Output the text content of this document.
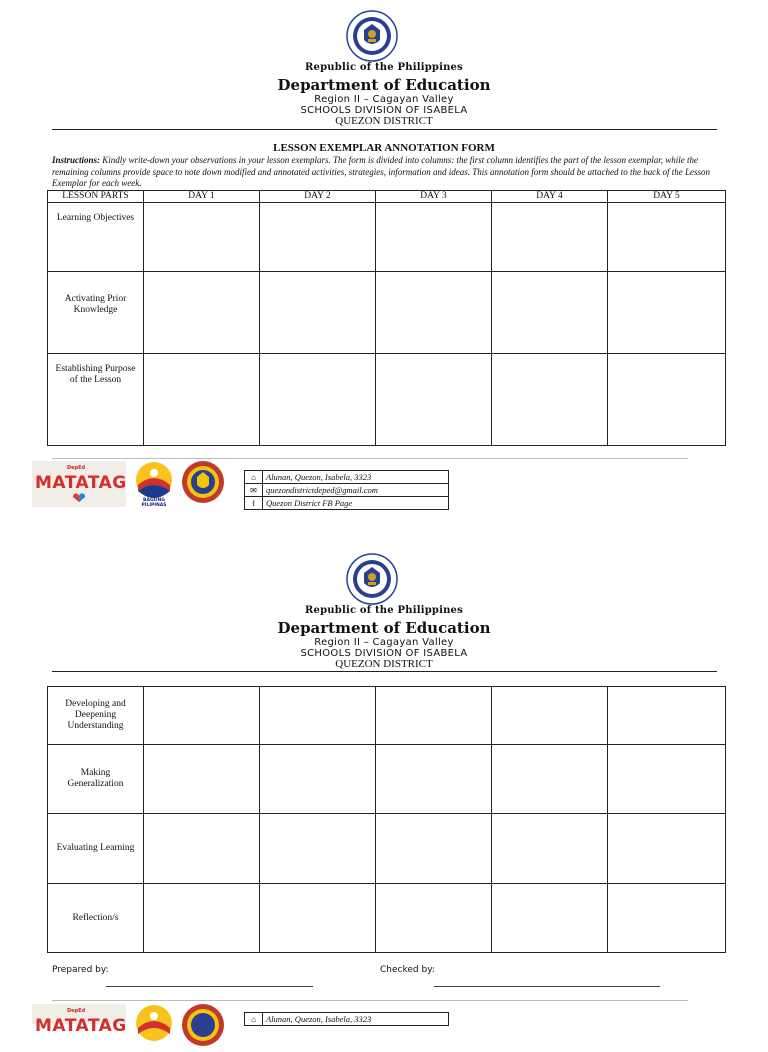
Republic of the Philippines
Department of Education
Region II – Cagayan Valley
SCHOOLS DIVISION OF ISABELA
QUEZON DISTRICT
LESSON EXEMPLAR ANNOTATION FORM
Instructions: Kindly write-down your observations in your lesson exemplars. The form is divided into columns: the first column identifies the part of the lesson exemplar, while the remaining columns provide space to note down modified and annotated activities, strategies, information and ideas. This annotation form should be attached to the back of the Lesson Exemplar for each week.
LESSON PARTS	DAY 1	DAY 2	DAY 3	DAY 4	DAY 5
Learning Objectives					
Activating Prior Knowledge					
Establishing Purpose of the Lesson					
DepEd
MATATAG
BAGONG PILIPINAS
⌂	Alunan, Quezon, Isabela, 3323
✉	quezondistrictdeped@gmail.com
f	Quezon District FB Page
Republic of the Philippines
Department of Education
Region II – Cagayan Valley
SCHOOLS DIVISION OF ISABELA
QUEZON DISTRICT
Developing and Deepening Understanding					
Making Generalization					
Evaluating Learning					
Reflection/s					
Prepared by:	Checked by:
DepEd
MATATAG	⌂	Alunan, Quezon, Isabela, 3323
